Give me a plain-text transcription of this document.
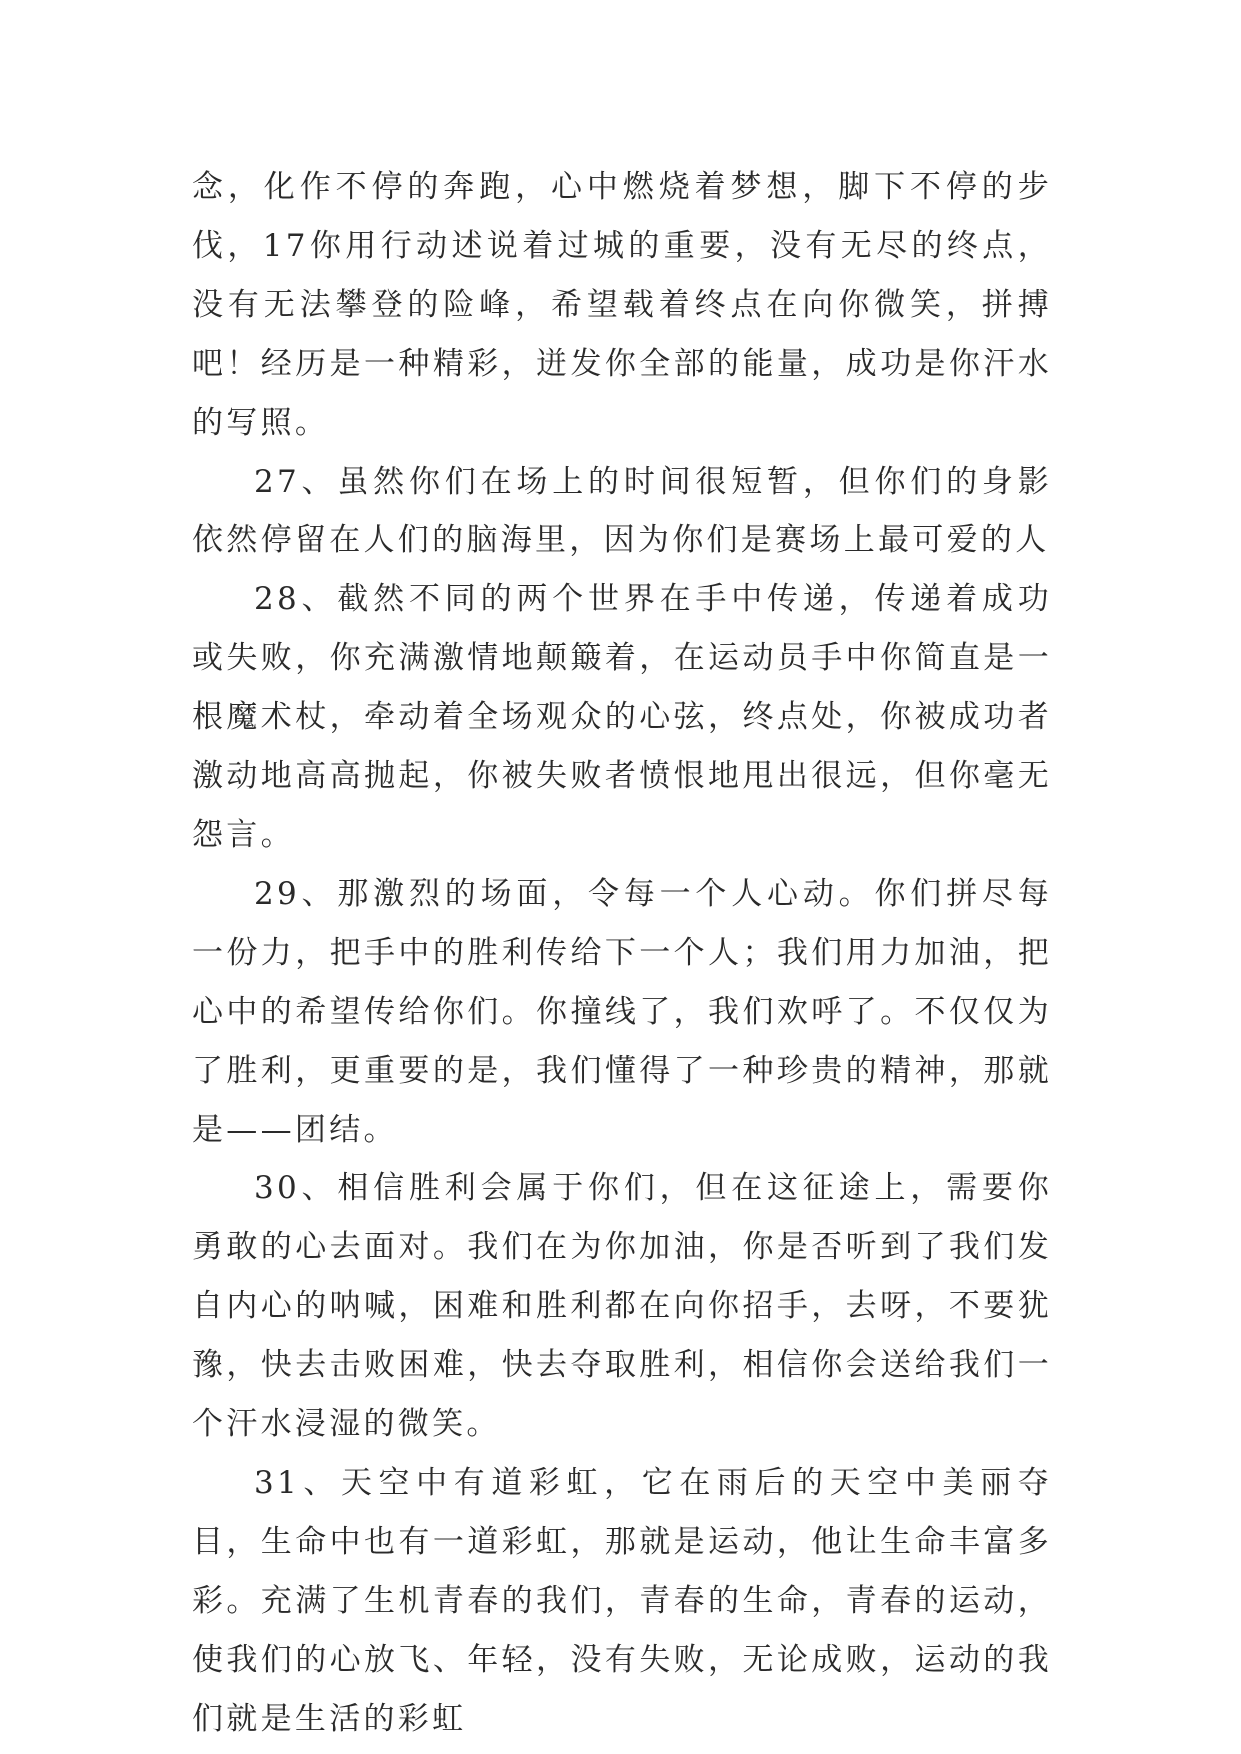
念，化作不停的奔跑，心中燃烧着梦想，脚下不停的步伐，17你用行动述说着过城的重要，没有无尽的终点，没有无法攀登的险峰，希望载着终点在向你微笑，拼搏吧！经历是一种精彩，迸发你全部的能量，成功是你汗水的写照。

27、虽然你们在场上的时间很短暂，但你们的身影依然停留在人们的脑海里，因为你们是赛场上最可爱的人

28、截然不同的两个世界在手中传递，传递着成功或失败，你充满激情地颠簸着，在运动员手中你简直是一根魔术杖，牵动着全场观众的心弦，终点处，你被成功者激动地高高抛起，你被失败者愤恨地甩出很远，但你毫无怨言。

29、那激烈的场面，令每一个人心动。你们拼尽每一份力，把手中的胜利传给下一个人；我们用力加油，把心中的希望传给你们。你撞线了，我们欢呼了。不仅仅为了胜利，更重要的是，我们懂得了一种珍贵的精神，那就是——团结。

30、相信胜利会属于你们，但在这征途上，需要你勇敢的心去面对。我们在为你加油，你是否听到了我们发自内心的呐喊，困难和胜利都在向你招手，去呀，不要犹豫，快去击败困难，快去夺取胜利，相信你会送给我们一个汗水浸湿的微笑。

31、天空中有道彩虹，它在雨后的天空中美丽夺目，生命中也有一道彩虹，那就是运动，他让生命丰富多彩。充满了生机青春的我们，青春的生命，青春的运动，使我们的心放飞、年轻，没有失败，无论成败，运动的我们就是生活的彩虹
